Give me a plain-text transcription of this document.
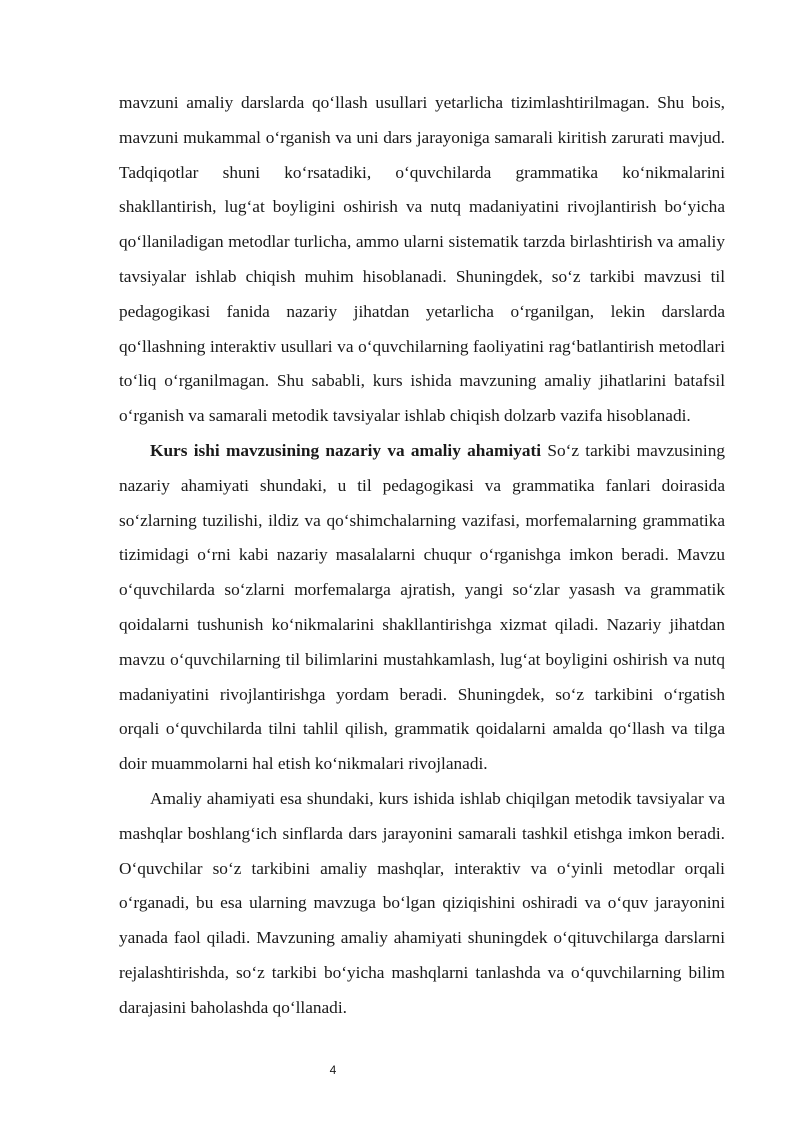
mavzuni amaliy darslarda qo‘llash usullari yetarlicha tizimlashtirilmagan. Shu bois, mavzuni mukammal o‘rganish va uni dars jarayoniga samarali kiritish zarurati mavjud. Tadqiqotlar shuni ko‘rsatadiki, o‘quvchilarda grammatika ko‘nikmalarini shakllantirish, lug‘at boyligini oshirish va nutq madaniyatini rivojlantirish bo‘yicha qo‘llaniladigan metodlar turlicha, ammo ularni sistematik tarzda birlashtirish va amaliy tavsiyalar ishlab chiqish muhim hisoblanadi. Shuningdek, so‘z tarkibi mavzusi til pedagogikasi fanida nazariy jihatdan yetarlicha o‘rganilgan, lekin darslarda qo‘llashning interaktiv usullari va o‘quvchilarning faoliyatini rag‘batlantirish metodlari to‘liq o‘rganilmagan. Shu sababli, kurs ishida mavzuning amaliy jihatlarini batafsil o‘rganish va samarali metodik tavsiyalar ishlab chiqish dolzarb vazifa hisoblanadi.

Kurs ishi mavzusining nazariy va amaliy ahamiyati So‘z tarkibi mavzusining nazariy ahamiyati shundaki, u til pedagogikasi va grammatika fanlari doirasida so‘zlarning tuzilishi, ildiz va qo‘shimchalarning vazifasi, morfemalarning grammatika tizimidagi o‘rni kabi nazariy masalalarni chuqur o‘rganishga imkon beradi. Mavzu o‘quvchilarda so‘zlarni morfemalarga ajratish, yangi so‘zlar yasash va grammatik qoidalarni tushunish ko‘nikmalarini shakllantirishga xizmat qiladi. Nazariy jihatdan mavzu o‘quvchilarning til bilimlarini mustahkamlash, lug‘at boyligini oshirish va nutq madaniyatini rivojlantirishga yordam beradi. Shuningdek, so‘z tarkibini o‘rgatish orqali o‘quvchilarda tilni tahlil qilish, grammatik qoidalarni amalda qo‘llash va tilga doir muammolarni hal etish ko‘nikmalari rivojlanadi.

Amaliy ahamiyati esa shundaki, kurs ishida ishlab chiqilgan metodik tavsiyalar va mashqlar boshlang‘ich sinflarda dars jarayonini samarali tashkil etishga imkon beradi. O‘quvchilar so‘z tarkibini amaliy mashqlar, interaktiv va o‘yinli metodlar orqali o‘rganadi, bu esa ularning mavzuga bo‘lgan qiziqishini oshiradi va o‘quv jarayonini yanada faol qiladi. Mavzuning amaliy ahamiyati shuningdek o‘qituvchilarga darslarni rejalashtirishda, so‘z tarkibi bo‘yicha mashqlarni tanlashda va o‘quvchilarning bilim darajasini baholashda qo‘llanadi.

4
